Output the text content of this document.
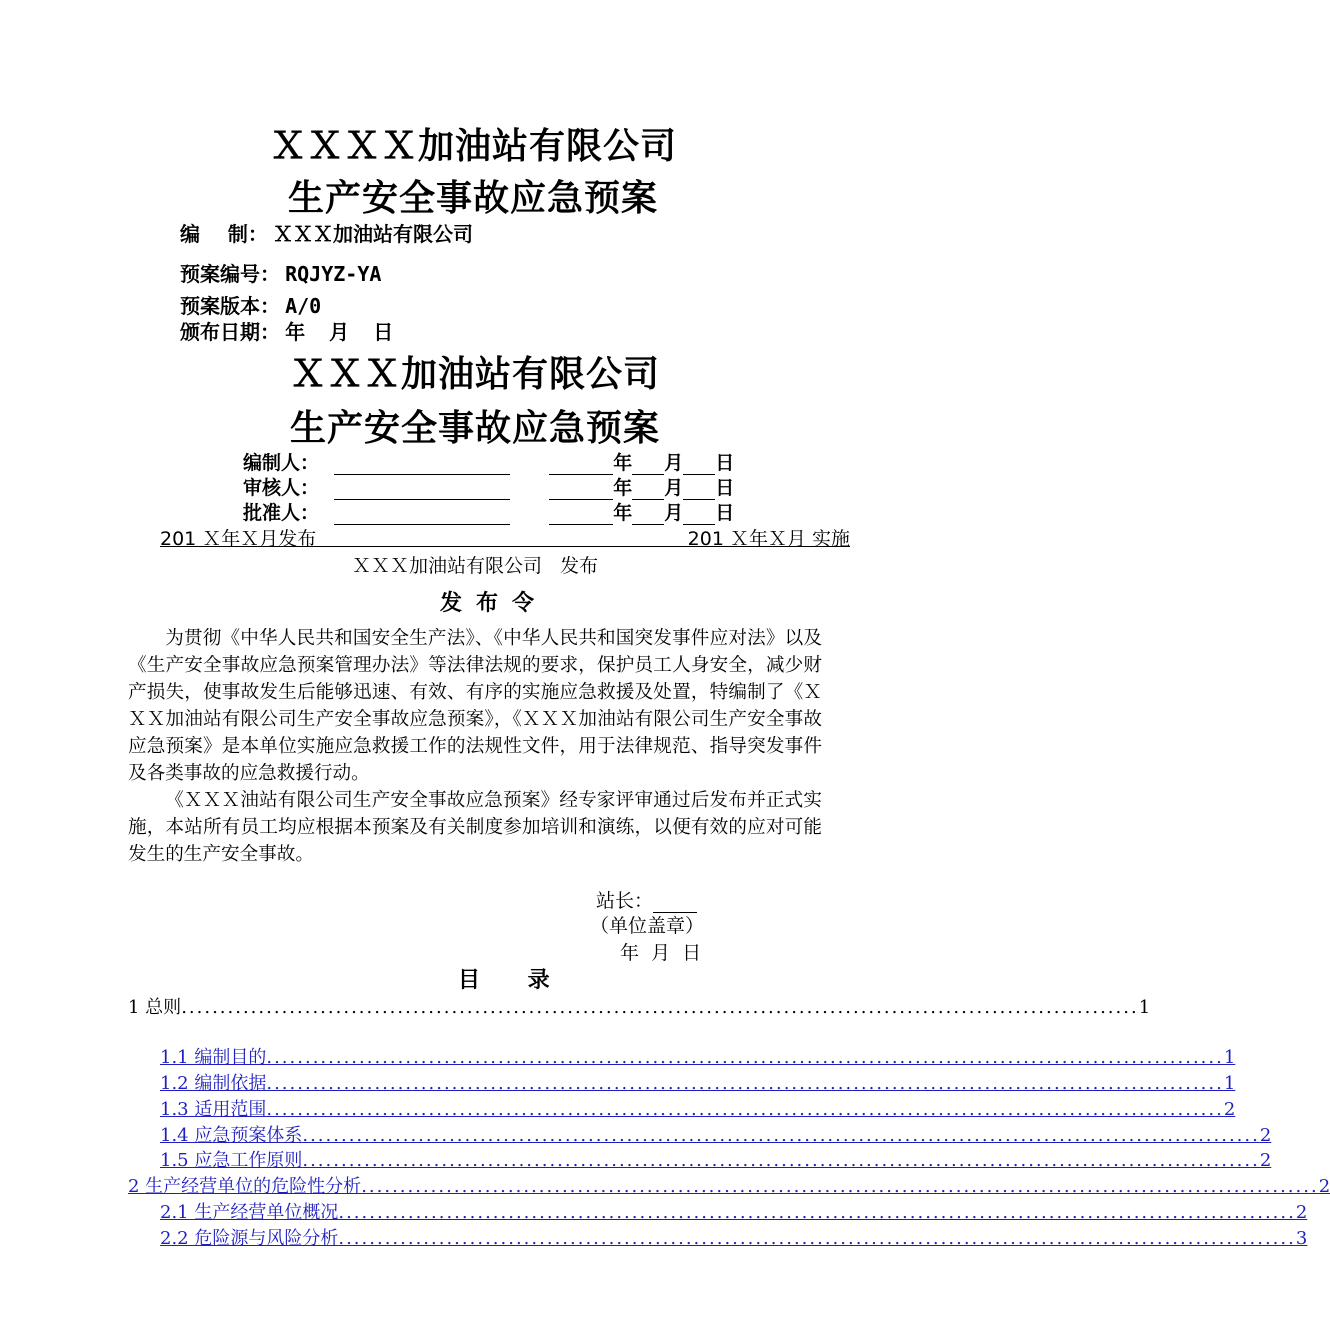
ＸＸＸＸ加油站有限公司
生产安全事故应急预案
编    制： ＸＸＸ加油站有限公司
预案编号： RQJYZ-YA
预案版本： A/0
颁布日期： 年  月  日
ＸＸＸ加油站有限公司
生产安全事故应急预案
编制人：	年 月 日
审核人：	年 月 日
批准人：	年 月 日
201 Ｘ年Ｘ月发布	201 Ｘ年Ｘ月 实施
ＸＸＸ加油站有限公司   发布
发布令

为贯彻《中华人民共和国安全生产法》、《中华人民共和国突发事件应对法》以及《生产安全事故应急预案管理办法》等法律法规的要求，保护员工人身安全，减少财产损失，使事故发生后能够迅速、有效、有序的实施应急救援及处置，特编制了《ＸＸＸ加油站有限公司生产安全事故应急预案》，《ＸＸＸ加油站有限公司生产安全事故应急预案》是本单位实施应急救援工作的法规性文件，用于法律规范、指导突发事件及各类事故的应急救援行动。

《ＸＸＸ油站有限公司生产安全事故应急预案》经专家评审通过后发布并正式实施，本站所有员工均应根据本预案及有关制度参加培训和演练，以便有效的应对可能发生的生产安全事故。

站长：
（单位盖章）
年  月  日
目 录
1 总则 ............................................................................................................................ 1
1.1 编制目的 ............................................................................................................................ 1
1.2 编制依据 ............................................................................................................................ 1
1.3 适用范围 ............................................................................................................................ 2
1.4 应急预案体系 ............................................................................................................................ 2
1.5 应急工作原则 ............................................................................................................................ 2
2 生产经营单位的危险性分析 ............................................................................................................................ 2
2.1 生产经营单位概况 ............................................................................................................................ 2
2.2 危险源与风险分析 ............................................................................................................................ 3
